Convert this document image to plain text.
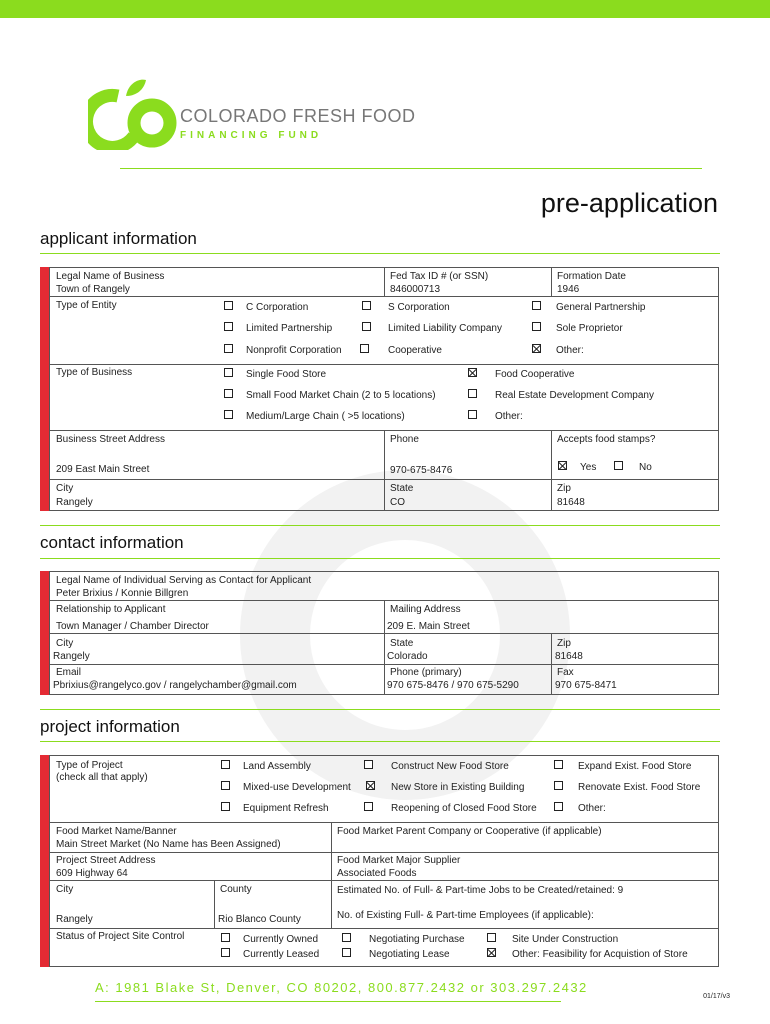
COLORADO FRESH FOOD
FINANCING FUND
pre-application
applicant information
Legal Name of Business
Town of Rangely
Fed Tax ID # (or SSN)
846000713
Formation Date
1946
Type of Entity	C Corporation	S Corporation	General Partnership
Limited Partnership	Limited Liability Company	Sole Proprietor
Nonprofit Corporation	Cooperative	Other:
Type of Business	Single Food Store	Food Cooperative
Small Food Market Chain (2 to 5 locations)	Real Estate Development Company
Medium/Large Chain ( >5 locations)	Other:
Business Street Address
209 East Main Street
Phone
970-675-8476
Accepts food stamps?
Yes	No
City
Rangely
State
CO
Zip
81648
contact information
Legal Name of Individual Serving as Contact for Applicant
Peter Brixius / Konnie Billgren
Relationship to Applicant
Town Manager / Chamber Director
Mailing Address
209 E. Main Street
City
Rangely
State
Colorado
Zip
81648
Email
Pbrixius@rangelyco.gov / rangelychamber@gmail.com
Phone (primary)
970 675-8476 / 970 675-5290
Fax
970 675-8471
project information
Type of Project
(check all that apply)
Land Assembly	Construct New Food Store	Expand Exist. Food Store
Mixed-use Development	New Store in Existing Building	Renovate Exist. Food Store
Equipment Refresh	Reopening of Closed Food Store	Other:
Food Market Name/Banner
Main Street Market (No Name has Been Assigned)
Food Market Parent Company or Cooperative (if applicable)
Project Street Address
609 Highway 64
Food Market Major Supplier
Associated Foods
City
Rangely
County
Rio Blanco County
Estimated No. of Full- & Part-time Jobs to be Created/retained: 9
No. of Existing Full- & Part-time Employees (if applicable):
Status of Project Site Control	Currently Owned	Negotiating Purchase	Site Under Construction
Currently Leased	Negotiating Lease	Other: Feasibility for Acquistion of Store
A: 1981 Blake St, Denver, CO 80202, 800.877.2432 or 303.297.2432
01/17/v3
